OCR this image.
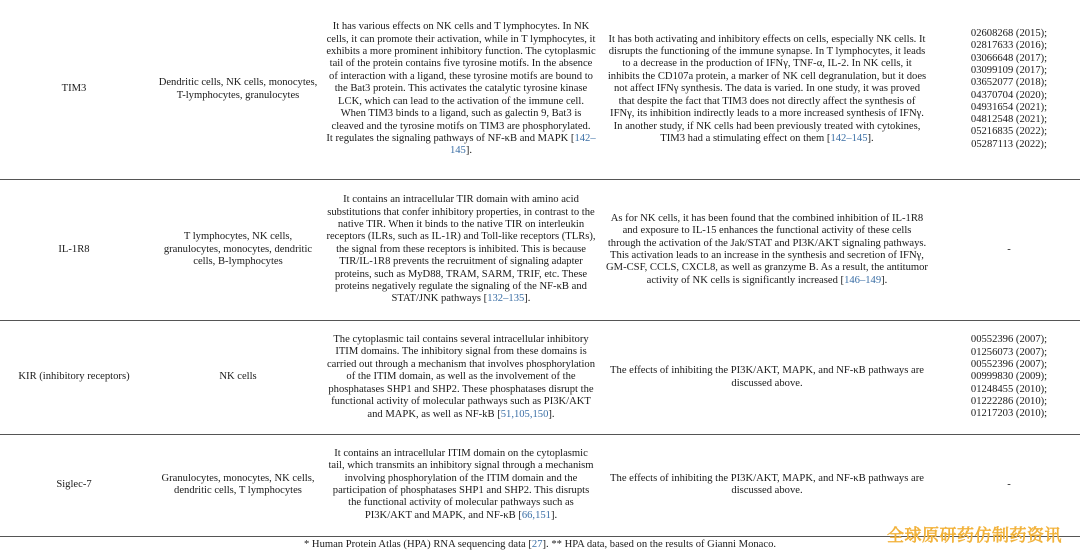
TIM3
Dendritic cells, NK cells, monocytes, T-lymphocytes, granulocytes
It has various effects on NK cells and T lymphocytes. In NK cells, it can promote their activation, while in T lymphocytes, it exhibits a more prominent inhibitory function. The cytoplasmic tail of the protein contains five tyrosine motifs. In the absence of interaction with a ligand, these tyrosine motifs are bound to the Bat3 protein. This activates the catalytic tyrosine kinase LCK, which can lead to the activation of the immune cell. When TIM3 binds to a ligand, such as galectin 9, Bat3 is cleaved and the tyrosine motifs on TIM3 are phosphorylated.
It regulates the signaling pathways of NF-κB and MAPK [142–145].
It has both activating and inhibitory effects on cells, especially NK cells. It disrupts the functioning of the immune synapse. In T lymphocytes, it leads to a decrease in the production of IFNγ, TNF-α, IL-2. In NK cells, it inhibits the CD107a protein, a marker of NK cell degranulation, but it does not affect IFNγ synthesis. The data is varied. In one study, it was proved that despite the fact that TIM3 does not directly affect the synthesis of IFNγ, its inhibition indirectly leads to a more increased synthesis of IFNγ. In another study, if NK cells had been previously treated with cytokines, TIM3 had a stimulating effect on them [142–145].
02608268 (2015);
02817633 (2016);
03066648 (2017);
03099109 (2017);
03652077 (2018);
04370704 (2020);
04931654 (2021);
04812548 (2021);
05216835 (2022);
05287113 (2022);
IL-1R8
T lymphocytes, NK cells, granulocytes, monocytes, dendritic cells, B-lymphocytes
It contains an intracellular TIR domain with amino acid substitutions that confer inhibitory properties, in contrast to the native TIR. When it binds to the native TIR on interleukin receptors (ILRs, such as IL-1R) and Toll-like receptors (TLRs), the signal from these receptors is inhibited. This is because TIR/IL-1R8 prevents the recruitment of signaling adapter proteins, such as MyD88, TRAM, SARM, TRIF, etc. These proteins negatively regulate the signaling of the NF-κB and STAT/JNK pathways [132–135].
As for NK cells, it has been found that the combined inhibition of IL-1R8 and exposure to IL-15 enhances the functional activity of these cells through the activation of the Jak/STAT and PI3K/AKT signaling pathways. This activation leads to an increase in the synthesis and secretion of IFNγ, GM-CSF, CCLS, CXCL8, as well as granzyme B. As a result, the antitumor activity of NK cells is significantly increased [146–149].
-
KIR (inhibitory receptors)	NK cells
The cytoplasmic tail contains several intracellular inhibitory ITIM domains. The inhibitory signal from these domains is carried out through a mechanism that involves phosphorylation of the ITIM domain, as well as the involvement of the phosphatases SHP1 and SHP2. These phosphatases disrupt the functional activity of molecular pathways such as PI3K/AKT and MAPK, as well as NF-kB [51,105,150].
The effects of inhibiting the PI3K/AKT, MAPK, and NF-κB pathways are discussed above.
00552396 (2007);
01256073 (2007);
00552396 (2007);
00999830 (2009);
01248455 (2010);
01222286 (2010);
01217203 (2010);
Siglec-7
Granulocytes, monocytes, NK cells, dendritic cells, T lymphocytes
It contains an intracellular ITIM domain on the cytoplasmic tail, which transmits an inhibitory signal through a mechanism involving phosphorylation of the ITIM domain and the participation of phosphatases SHP1 and SHP2. This disrupts the functional activity of molecular pathways such as PI3K/AKT and MAPK, and NF-κB [66,151].
The effects of inhibiting the PI3K/AKT, MAPK, and NF-κB pathways are discussed above.
-
* Human Protein Atlas (HPA) RNA sequencing data [27]. ** HPA data, based on the results of Gianni Monaco.	全球原研药仿制药资讯
